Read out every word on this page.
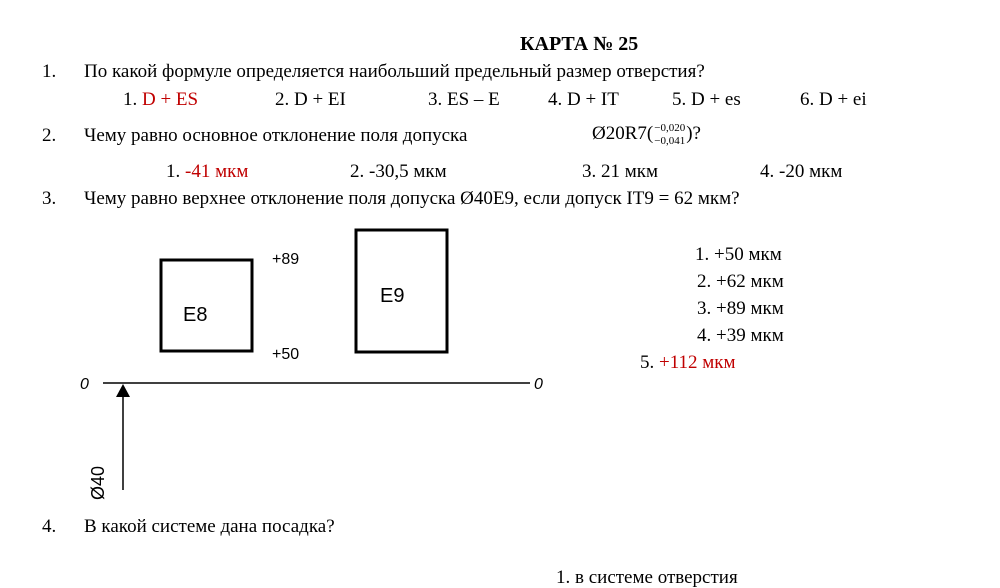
КАРТА № 25
1. По какой формуле определяется наибольший предельный размер отверстия?
1. D + ES	2. D + EI	3. ES – E	4. D + IT	5. D + es	6. D + ei
2. Чему равно основное отклонение поля допуска	Ø20R7( −0,020
−0,041 )?
1. -41 мкм	2. -30,5 мкм	3. 21 мкм	4. -20 мкм
3. Чему равно верхнее отклонение поля допуска Ø40E9, если допуск IT9 = 62 мкм?
E8
E9
+89
+50
0	0
Ø40
1. +50 мкм
2. +62 мкм
3. +89 мкм
4. +39 мкм
5. +112 мкм
4. В какой системе дана посадка?
1. в системе отверстия
